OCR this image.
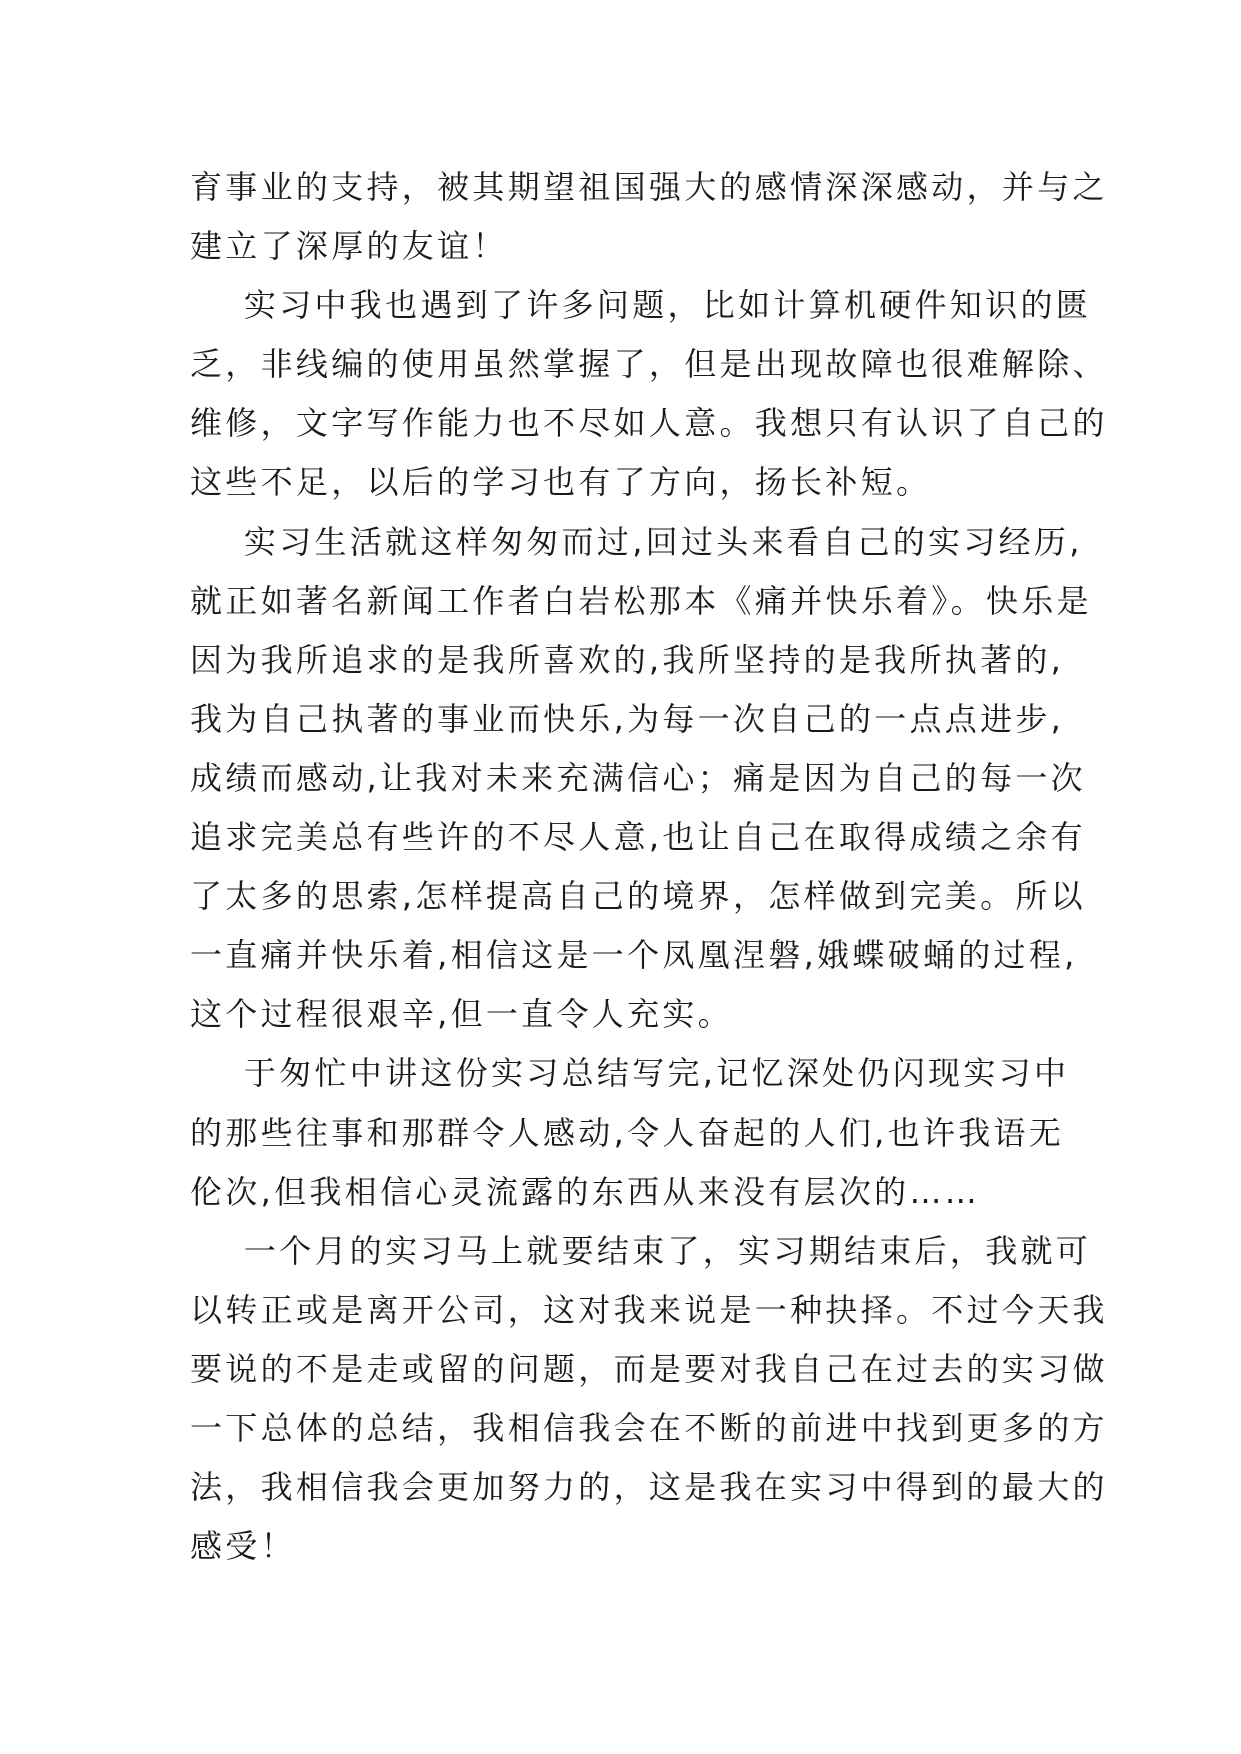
育事业的支持，被其期望祖国强大的感情深深感动，并与之
建立了深厚的友谊！
实习中我也遇到了许多问题，比如计算机硬件知识的匮
乏，非线编的使用虽然掌握了，但是出现故障也很难解除、
维修，文字写作能力也不尽如人意。我想只有认识了自己的
这些不足，以后的学习也有了方向，扬长补短。
实习生活就这样匆匆而过,回过头来看自己的实习经历,
就正如著名新闻工作者白岩松那本《痛并快乐着》。快乐是
因为我所追求的是我所喜欢的,我所坚持的是我所执著的,
我为自己执著的事业而快乐,为每一次自己的一点点进步,
成绩而感动,让我对未来充满信心；痛是因为自己的每一次
追求完美总有些许的不尽人意,也让自己在取得成绩之余有
了太多的思索,怎样提高自己的境界，怎样做到完美。所以
一直痛并快乐着,相信这是一个凤凰涅磐,娥蝶破蛹的过程,
这个过程很艰辛,但一直令人充实。
于匆忙中讲这份实习总结写完,记忆深处仍闪现实习中
的那些往事和那群令人感动,令人奋起的人们,也许我语无
伦次,但我相信心灵流露的东西从来没有层次的……
一个月的实习马上就要结束了，实习期结束后，我就可
以转正或是离开公司，这对我来说是一种抉择。不过今天我
要说的不是走或留的问题，而是要对我自己在过去的实习做
一下总体的总结，我相信我会在不断的前进中找到更多的方
法，我相信我会更加努力的，这是我在实习中得到的最大的
感受！
